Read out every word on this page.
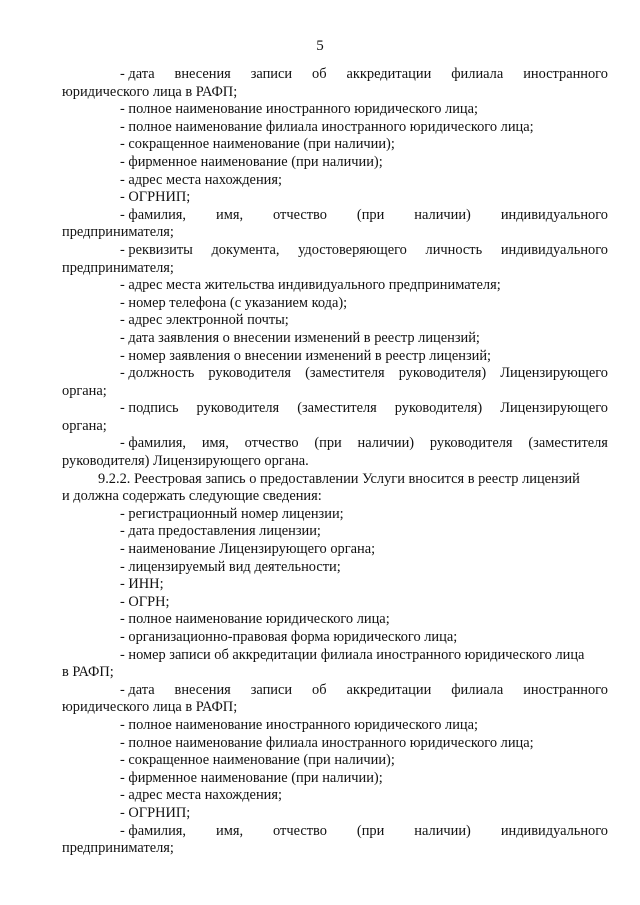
5
- дата внесения записи об аккредитации филиала иностранного
юридического лица в РАФП;
- полное наименование иностранного юридического лица;
- полное наименование филиала иностранного юридического лица;
- сокращенное наименование (при наличии);
- фирменное наименование (при наличии);
- адрес места нахождения;
- ОГРНИП;
- фамилия, имя, отчество (при наличии) индивидуального
предпринимателя;
- реквизиты документа, удостоверяющего личность индивидуального
предпринимателя;
- адрес места жительства индивидуального предпринимателя;
- номер телефона (с указанием кода);
- адрес электронной почты;
- дата заявления о внесении изменений в реестр лицензий;
- номер заявления о внесении изменений в реестр лицензий;
- должность руководителя (заместителя руководителя) Лицензирующего
органа;
- подпись руководителя (заместителя руководителя) Лицензирующего
органа;
- фамилия, имя, отчество (при наличии) руководителя (заместителя
руководителя) Лицензирующего органа.
9.2.2. Реестровая запись о предоставлении Услуги вносится в реестр лицензий
и должна содержать следующие сведения:
- регистрационный номер лицензии;
- дата предоставления лицензии;
- наименование Лицензирующего органа;
- лицензируемый вид деятельности;
- ИНН;
- ОГРН;
- полное наименование юридического лица;
- организационно-правовая форма юридического лица;
- номер записи об аккредитации филиала иностранного юридического лица
в РАФП;
- дата внесения записи об аккредитации филиала иностранного
юридического лица в РАФП;
- полное наименование иностранного юридического лица;
- полное наименование филиала иностранного юридического лица;
- сокращенное наименование (при наличии);
- фирменное наименование (при наличии);
- адрес места нахождения;
- ОГРНИП;
- фамилия, имя, отчество (при наличии) индивидуального
предпринимателя;
